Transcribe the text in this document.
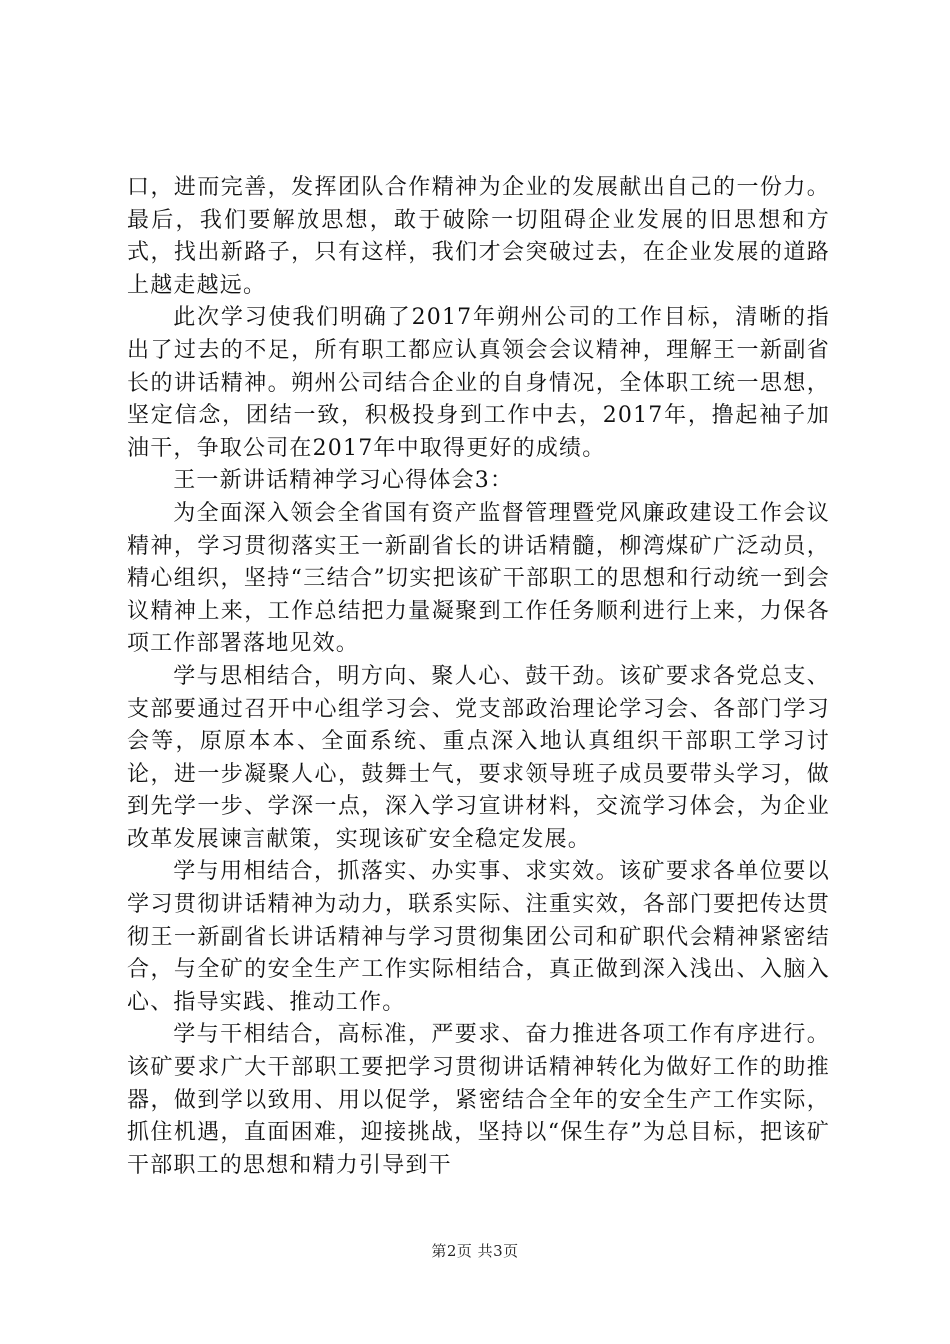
口，进而完善，发挥团队合作精神为企业的发展献出自己的一份力。最后，我们要解放思想，敢于破除一切阻碍企业发展的旧思想和方式，找出新路子，只有这样，我们才会突破过去，在企业发展的道路上越走越远。

此次学习使我们明确了2017年朔州公司的工作目标，清晰的指出了过去的不足，所有职工都应认真领会会议精神，理解王一新副省长的讲话精神。朔州公司结合企业的自身情况，全体职工统一思想，坚定信念，团结一致，积极投身到工作中去，2017年，撸起袖子加油干，争取公司在2017年中取得更好的成绩。

王一新讲话精神学习心得体会3：

为全面深入领会全省国有资产监督管理暨党风廉政建设工作会议精神，学习贯彻落实王一新副省长的讲话精髓，柳湾煤矿广泛动员，精心组织，坚持“三结合”切实把该矿干部职工的思想和行动统一到会议精神上来，工作总结把力量凝聚到工作任务顺利进行上来，力保各项工作部署落地见效。

学与思相结合，明方向、聚人心、鼓干劲。该矿要求各党总支、支部要通过召开中心组学习会、党支部政治理论学习会、各部门学习会等，原原本本、全面系统、重点深入地认真组织干部职工学习讨论，进一步凝聚人心，鼓舞士气，要求领导班子成员要带头学习，做到先学一步、学深一点，深入学习宣讲材料，交流学习体会，为企业改革发展谏言献策，实现该矿安全稳定发展。

学与用相结合，抓落实、办实事、求实效。该矿要求各单位要以学习贯彻讲话精神为动力，联系实际、注重实效，各部门要把传达贯彻王一新副省长讲话精神与学习贯彻集团公司和矿职代会精神紧密结合，与全矿的安全生产工作实际相结合，真正做到深入浅出、入脑入心、指导实践、推动工作。

学与干相结合，高标准，严要求、奋力推进各项工作有序进行。该矿要求广大干部职工要把学习贯彻讲话精神转化为做好工作的助推器，做到学以致用、用以促学，紧密结合全年的安全生产工作实际，抓住机遇，直面困难，迎接挑战，坚持以“保生存”为总目标，把该矿干部职工的思想和精力引导到干

第2页 共3页
